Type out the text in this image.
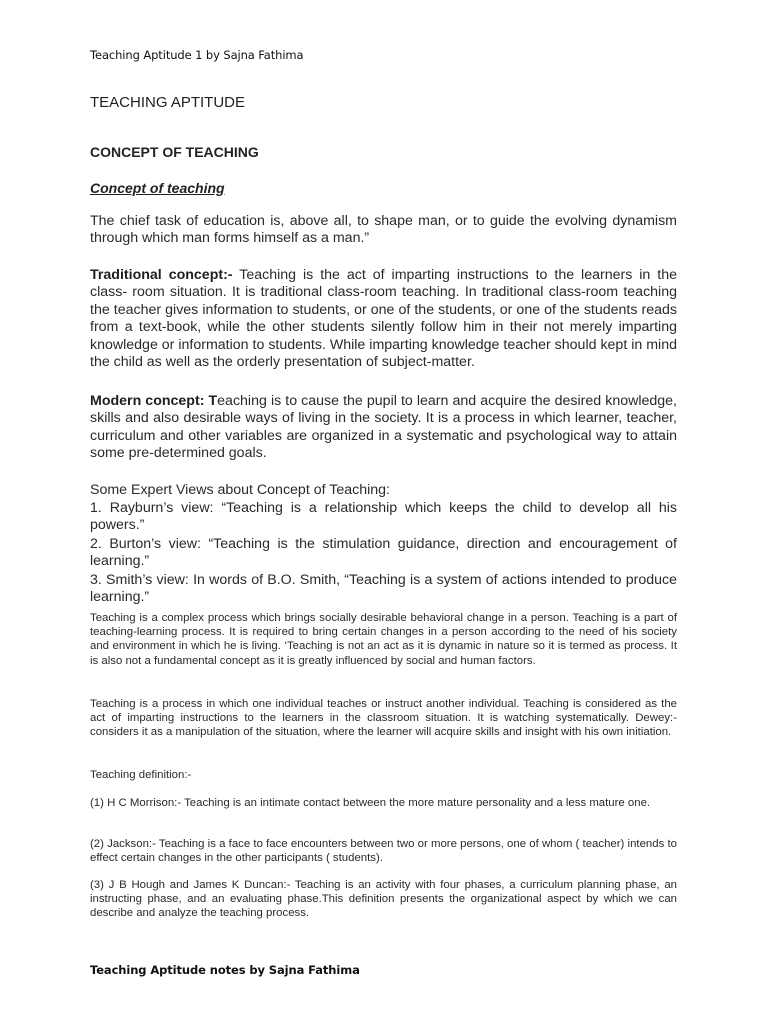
Teaching Aptitude 1 by Sajna Fathima
TEACHING APTITUDE
CONCEPT OF TEACHING
Concept of teaching

The chief task of education is, above all, to shape man, or to guide the evolving dynamism through which man forms himself as a man.”

Traditional concept:- Teaching is the act of imparting instructions to the learners in the class- room situation. It is traditional class-room teaching. In traditional class-room teaching the teacher gives information to students, or one of the students, or one of the students reads from a text-book, while the other students silently follow him in their not merely imparting knowledge or information to students. While imparting knowledge teacher should kept in mind the child as well as the orderly presentation of subject-matter.

Modern concept: Teaching is to cause the pupil to learn and acquire the desired knowledge, skills and also desirable ways of living in the society. It is a process in which learner, teacher, curriculum and other variables are organized in a systematic and psychological way to attain some pre-determined goals.

Some Expert Views about Concept of Teaching:

1. Rayburn’s view: “Teaching is a relationship which keeps the child to develop all his powers.”

2. Burton’s view: “Teaching is the stimulation guidance, direction and encouragement of learning.”

3. Smith’s view: In words of B.O. Smith, “Teaching is a system of actions intended to produce learning.”

Teaching is a complex process which brings socially desirable behavioral change in a person. Teaching is a part of teaching-learning process. It is required to bring certain changes in a person according to the need of his society and environment in which he is living. ‘Teaching is not an act as it is dynamic in nature so it is termed as process. It is also not a fundamental concept as it is greatly influenced by social and human factors.

Teaching is a process in which one individual teaches or instruct another individual. Teaching is considered as the act of imparting instructions to the learners in the classroom situation. It is watching systematically. Dewey:- considers it as a manipulation of the situation, where the learner will acquire skills and insight with his own initiation.

Teaching definition:-

(1) H C Morrison:- Teaching is an intimate contact between the more mature personality and a less mature one.

(2) Jackson:- Teaching is a face to face encounters between two or more persons, one of whom ( teacher) intends to effect certain changes in the other participants ( students).

(3) J B Hough and James K Duncan:- Teaching is an activity with four phases, a curriculum planning phase, an instructing phase, and an evaluating phase.This definition presents the organizational aspect by which we can describe and analyze the teaching process.

Teaching Aptitude notes by Sajna Fathima
